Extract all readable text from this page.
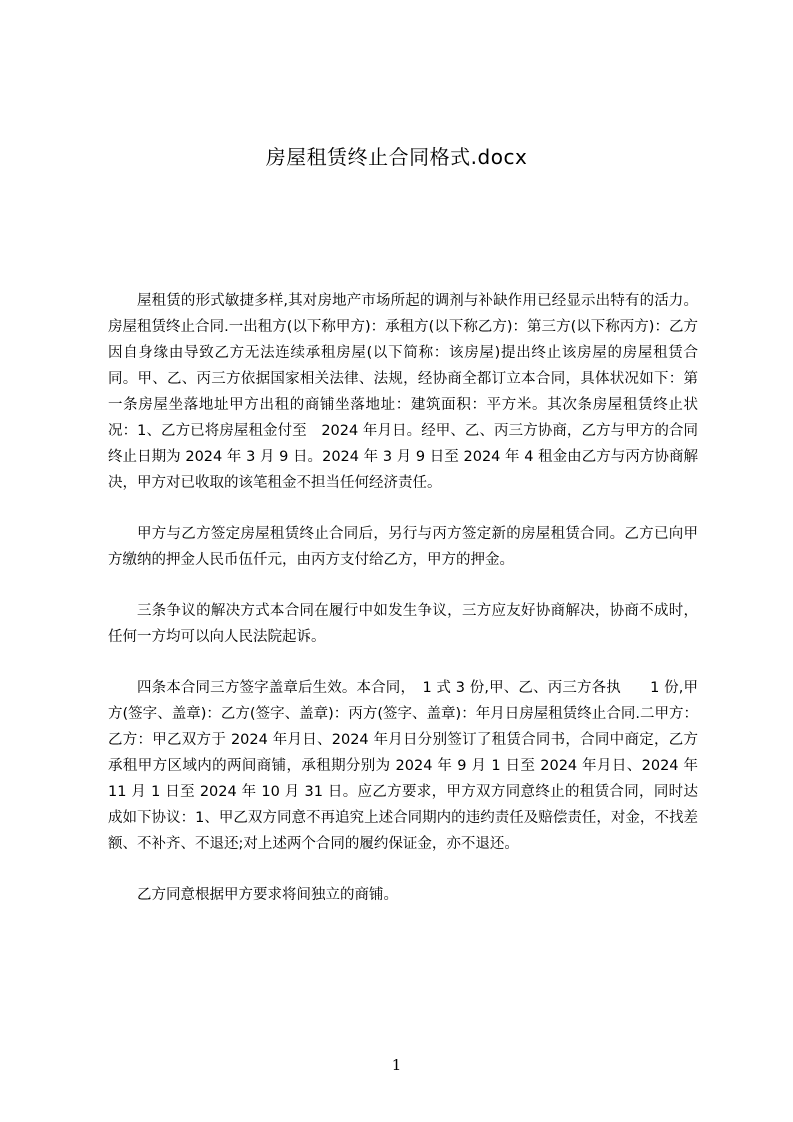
房屋租赁终止合同格式.docx

屋租赁的形式敏捷多样,其对房地产市场所起的调剂与补缺作用已经显示出特有的活力。房屋租赁终止合同.一出租方(以下称甲方)：承租方(以下称乙方)：第三方(以下称丙方)：乙方因自身缘由导致乙方无法连续承租房屋(以下简称：该房屋)提出终止该房屋的房屋租赁合同。甲、乙、丙三方依据国家相关法律、法规，经协商全都订立本合同，具体状况如下：第一条房屋坐落地址甲方出租的商铺坐落地址：建筑面积：平方米。其次条房屋租赁终止状况：1、乙方已将房屋租金付至　2024 年月日。经甲、乙、丙三方协商，乙方与甲方的合同终止日期为 2024 年 3 月 9 日。2024 年 3 月 9 日至 2024 年 4 租金由乙方与丙方协商解决，甲方对已收取的该笔租金不担当任何经济责任。

甲方与乙方签定房屋租赁终止合同后，另行与丙方签定新的房屋租赁合同。乙方已向甲方缴纳的押金人民币伍仟元，由丙方支付给乙方，甲方的押金。

三条争议的解决方式本合同在履行中如发生争议，三方应友好协商解决，协商不成时，任何一方均可以向人民法院起诉。

四条本合同三方签字盖章后生效。本合同，　1 式 3 份,甲、乙、丙三方各执　　1 份,甲方(签字、盖章)：乙方(签字、盖章)：丙方(签字、盖章)：年月日房屋租赁终止合同.二甲方：乙方：甲乙双方于 2024 年月日、2024 年月日分别签订了租赁合同书，合同中商定，乙方承租甲方区域内的两间商铺，承租期分别为 2024 年 9 月 1 日至 2024 年月日、2024 年 11 月 1 日至 2024 年 10 月 31 日。应乙方要求，甲方双方同意终止的租赁合同，同时达成如下协议：1、甲乙双方同意不再追究上述合同期内的违约责任及赔偿责任，对金，不找差额、不补齐、不退还;对上述两个合同的履约保证金，亦不退还。

乙方同意根据甲方要求将间独立的商铺。

1
